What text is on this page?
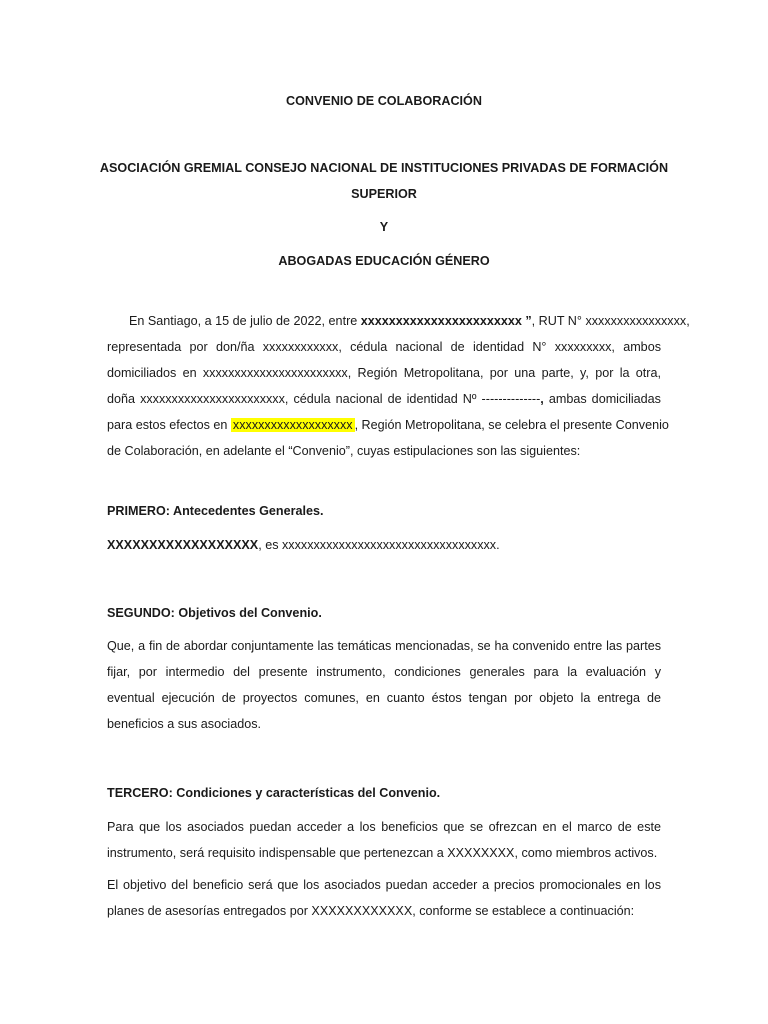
CONVENIO DE COLABORACIÓN
ASOCIACIÓN GREMIAL CONSEJO NACIONAL DE INSTITUCIONES PRIVADAS DE FORMACIÓN
SUPERIOR
Y
ABOGADAS EDUCACIÓN GÉNERO
En Santiago, a 15 de julio de 2022, entre xxxxxxxxxxxxxxxxxxxxxxx ”, RUT N° xxxxxxxxxxxxxxxx,
representada por don/ña xxxxxxxxxxxx, cédula nacional de identidad N° xxxxxxxxx, ambos
domiciliados en xxxxxxxxxxxxxxxxxxxxxxx, Región Metropolitana, por una parte, y, por la otra,
doña xxxxxxxxxxxxxxxxxxxxxxx, cédula nacional de identidad Nº --------------, ambas domiciliadas
para estos efectos en xxxxxxxxxxxxxxxxxxx , Región Metropolitana, se celebra el presente Convenio
de Colaboración, en adelante el “Convenio”, cuyas estipulaciones son las siguientes:
PRIMERO: Antecedentes Generales.
XXXXXXXXXXXXXXXXXX, es xxxxxxxxxxxxxxxxxxxxxxxxxxxxxxxxxx.
SEGUNDO: Objetivos del Convenio.
Que, a fin de abordar conjuntamente las temáticas mencionadas, se ha convenido entre las partes
fijar, por intermedio del presente instrumento, condiciones generales para la evaluación y
eventual ejecución de proyectos comunes, en cuanto éstos tengan por objeto la entrega de
beneficios a sus asociados.
TERCERO: Condiciones y características del Convenio.
Para que los asociados puedan acceder a los beneficios que se ofrezcan en el marco de este
instrumento, será requisito indispensable que pertenezcan a XXXXXXXX, como miembros activos.
El objetivo del beneficio será que los asociados puedan acceder a precios promocionales en los
planes de asesorías entregados por XXXXXXXXXXXX, conforme se establece a continuación:
